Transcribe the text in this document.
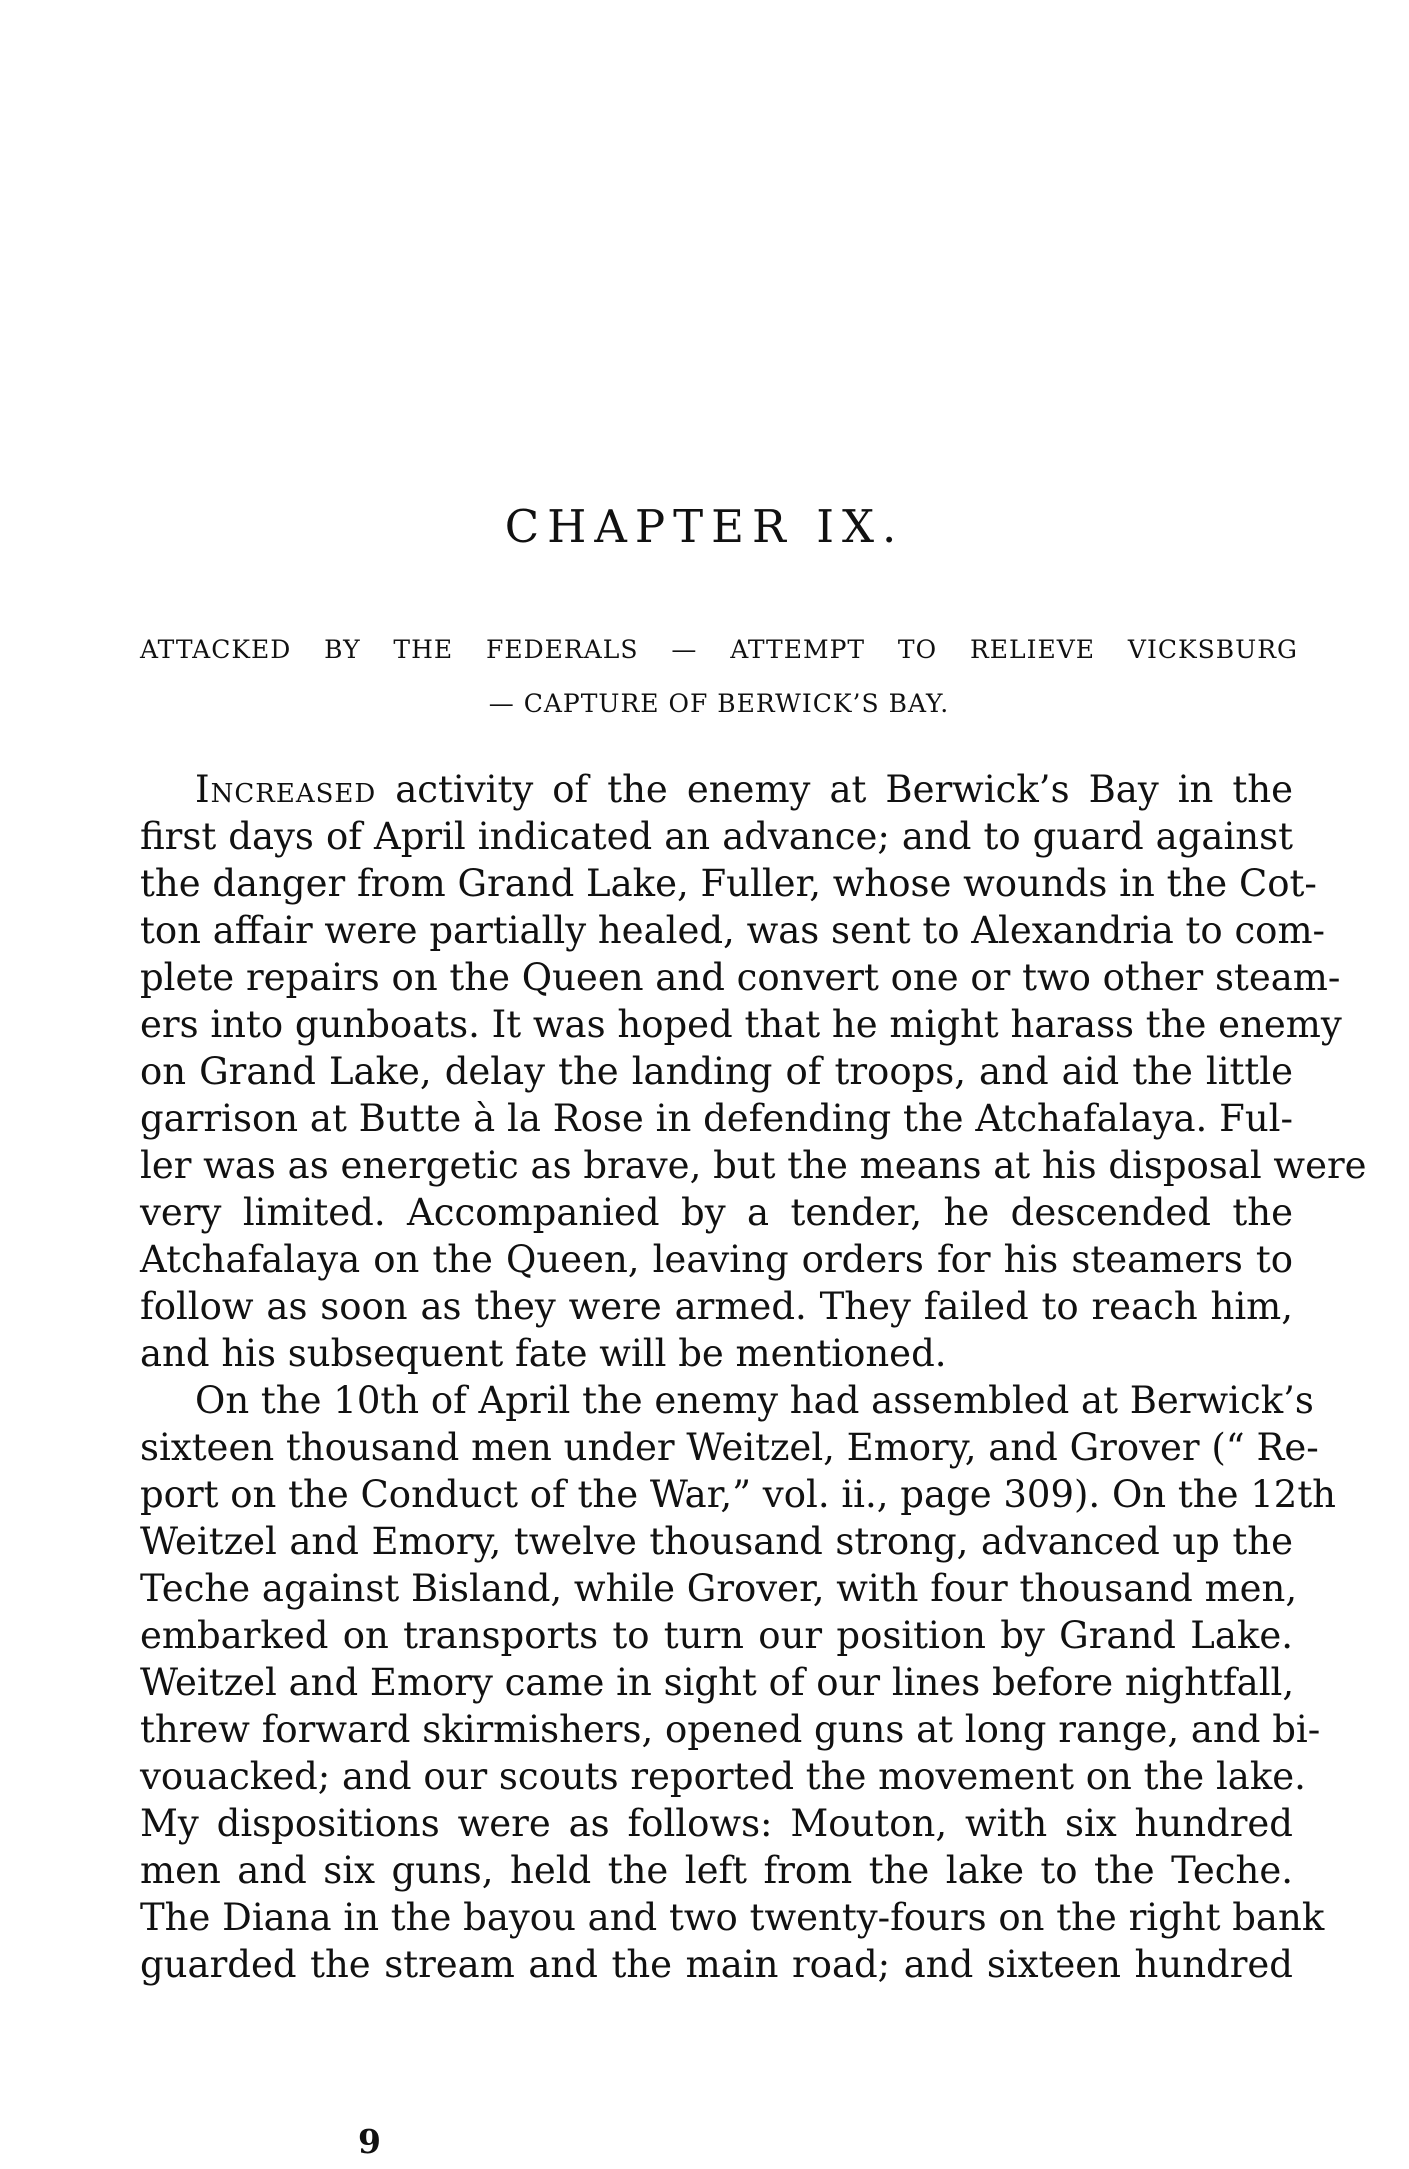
CHAPTER IX.
ATTACKED BY THE FEDERALS — ATTEMPT TO RELIEVE VICKSBURG
— CAPTURE OF BERWICK’S BAY.
Increased activity of the enemy at Berwick’s Bay in the
first days of April indicated an advance; and to guard against
the danger from Grand Lake, Fuller, whose wounds in the Cot-
ton affair were partially healed, was sent to Alexandria to com-
plete repairs on the Queen and convert one or two other steam-
ers into gunboats. It was hoped that he might harass the enemy
on Grand Lake, delay the landing of troops, and aid the little
garrison at Butte à la Rose in defending the Atchafalaya. Ful-
ler was as energetic as brave, but the means at his disposal were
very limited. Accompanied by a tender, he descended the
Atchafalaya on the Queen, leaving orders for his steamers to
follow as soon as they were armed. They failed to reach him,
and his subsequent fate will be mentioned.
On the 10th of April the enemy had assembled at Berwick’s
sixteen thousand men under Weitzel, Emory, and Grover (“ Re-
port on the Conduct of the War,” vol. ii., page 309). On the 12th
Weitzel and Emory, twelve thousand strong, advanced up the
Teche against Bisland, while Grover, with four thousand men,
embarked on transports to turn our position by Grand Lake.
Weitzel and Emory came in sight of our lines before nightfall,
threw forward skirmishers, opened guns at long range, and bi-
vouacked; and our scouts reported the movement on the lake.
My dispositions were as follows: Mouton, with six hundred
men and six guns, held the left from the lake to the Teche.
The Diana in the bayou and two twenty-fours on the right bank
guarded the stream and the main road; and sixteen hundred
9
